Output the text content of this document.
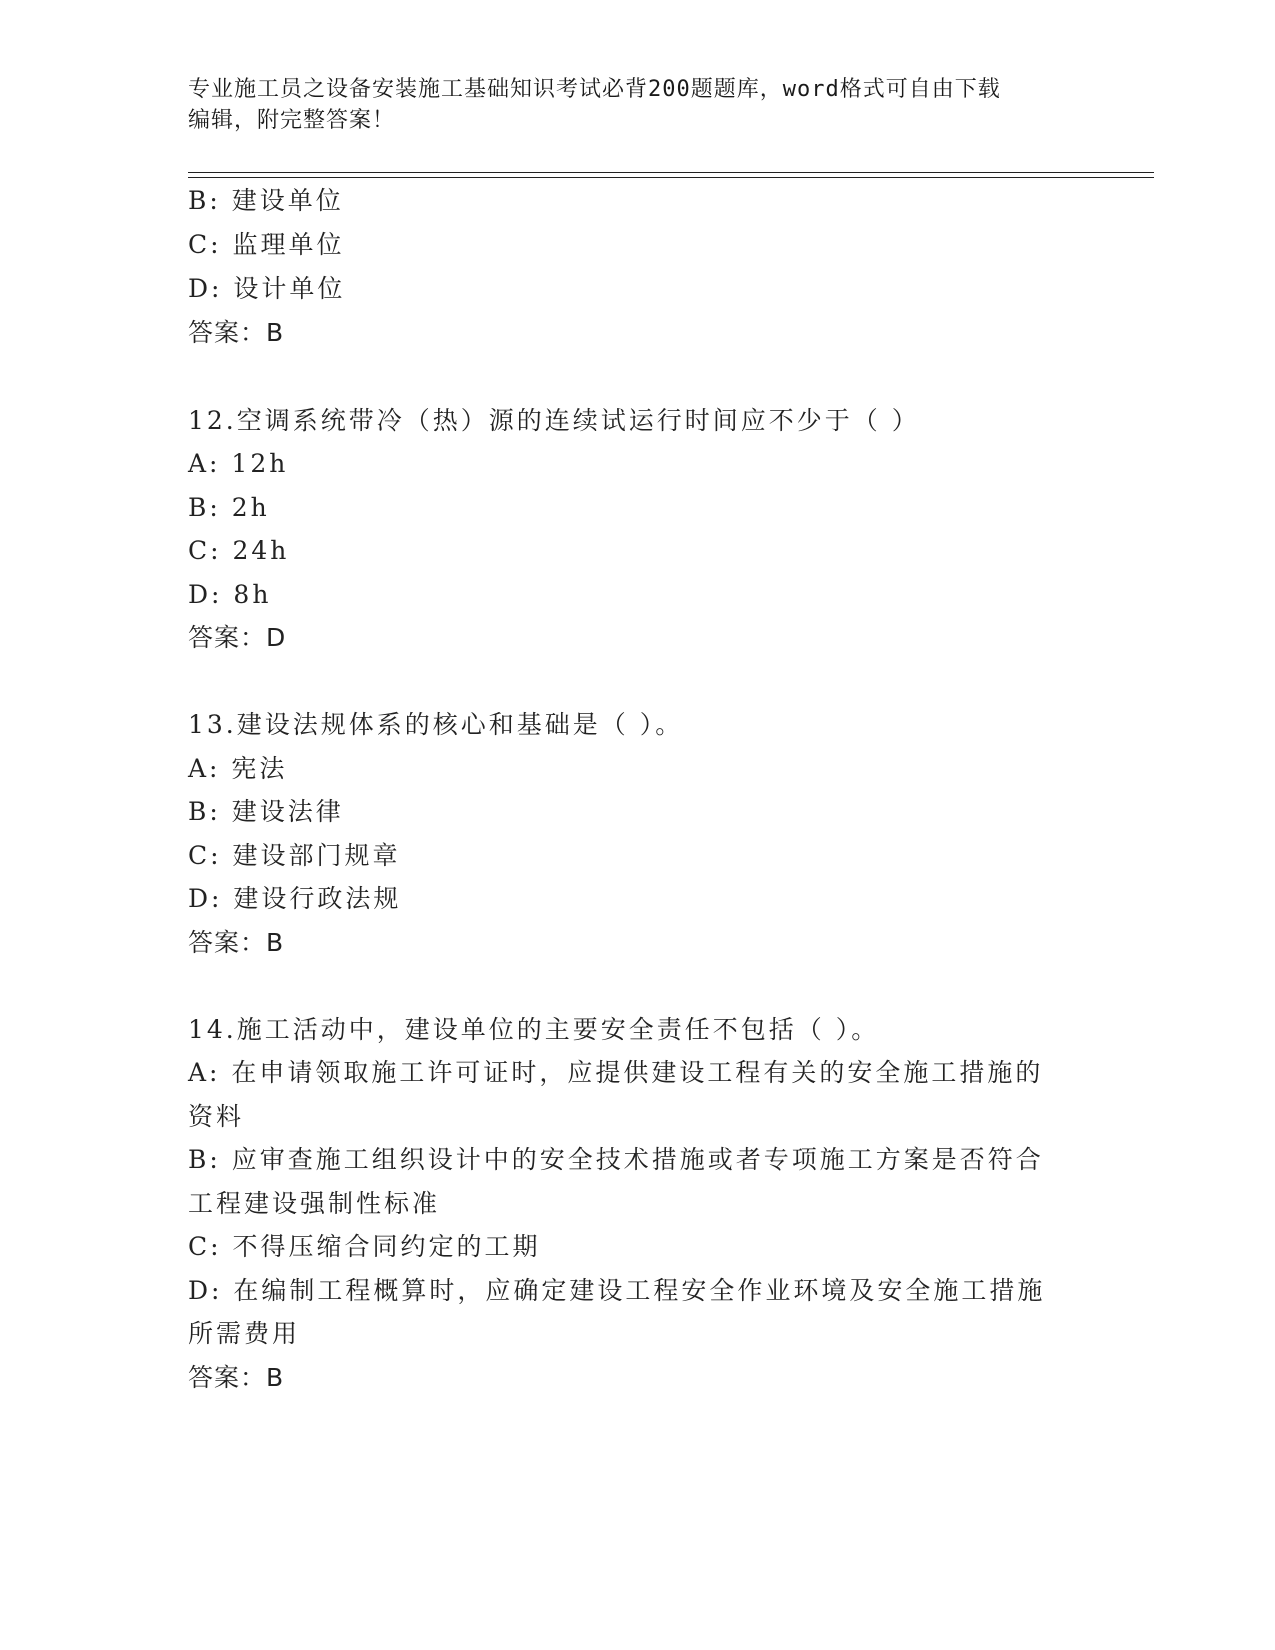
专业施工员之设备安装施工基础知识考试必背200题题库，word格式可自由下载
编辑，附完整答案！
B: 建设单位
C: 监理单位
D: 设计单位
答案：B
12.空调系统带冷（热）源的连续试运行时间应不少于（ ）
A: 12h
B: 2h
C: 24h
D: 8h
答案：D
13.建设法规体系的核心和基础是（ ）。
A: 宪法
B: 建设法律
C: 建设部门规章
D: 建设行政法规
答案：B
14.施工活动中，建设单位的主要安全责任不包括（ ）。
A: 在申请领取施工许可证时，应提供建设工程有关的安全施工措施的
资料
B: 应审查施工组织设计中的安全技术措施或者专项施工方案是否符合
工程建设强制性标准
C: 不得压缩合同约定的工期
D: 在编制工程概算时，应确定建设工程安全作业环境及安全施工措施
所需费用
答案：B
